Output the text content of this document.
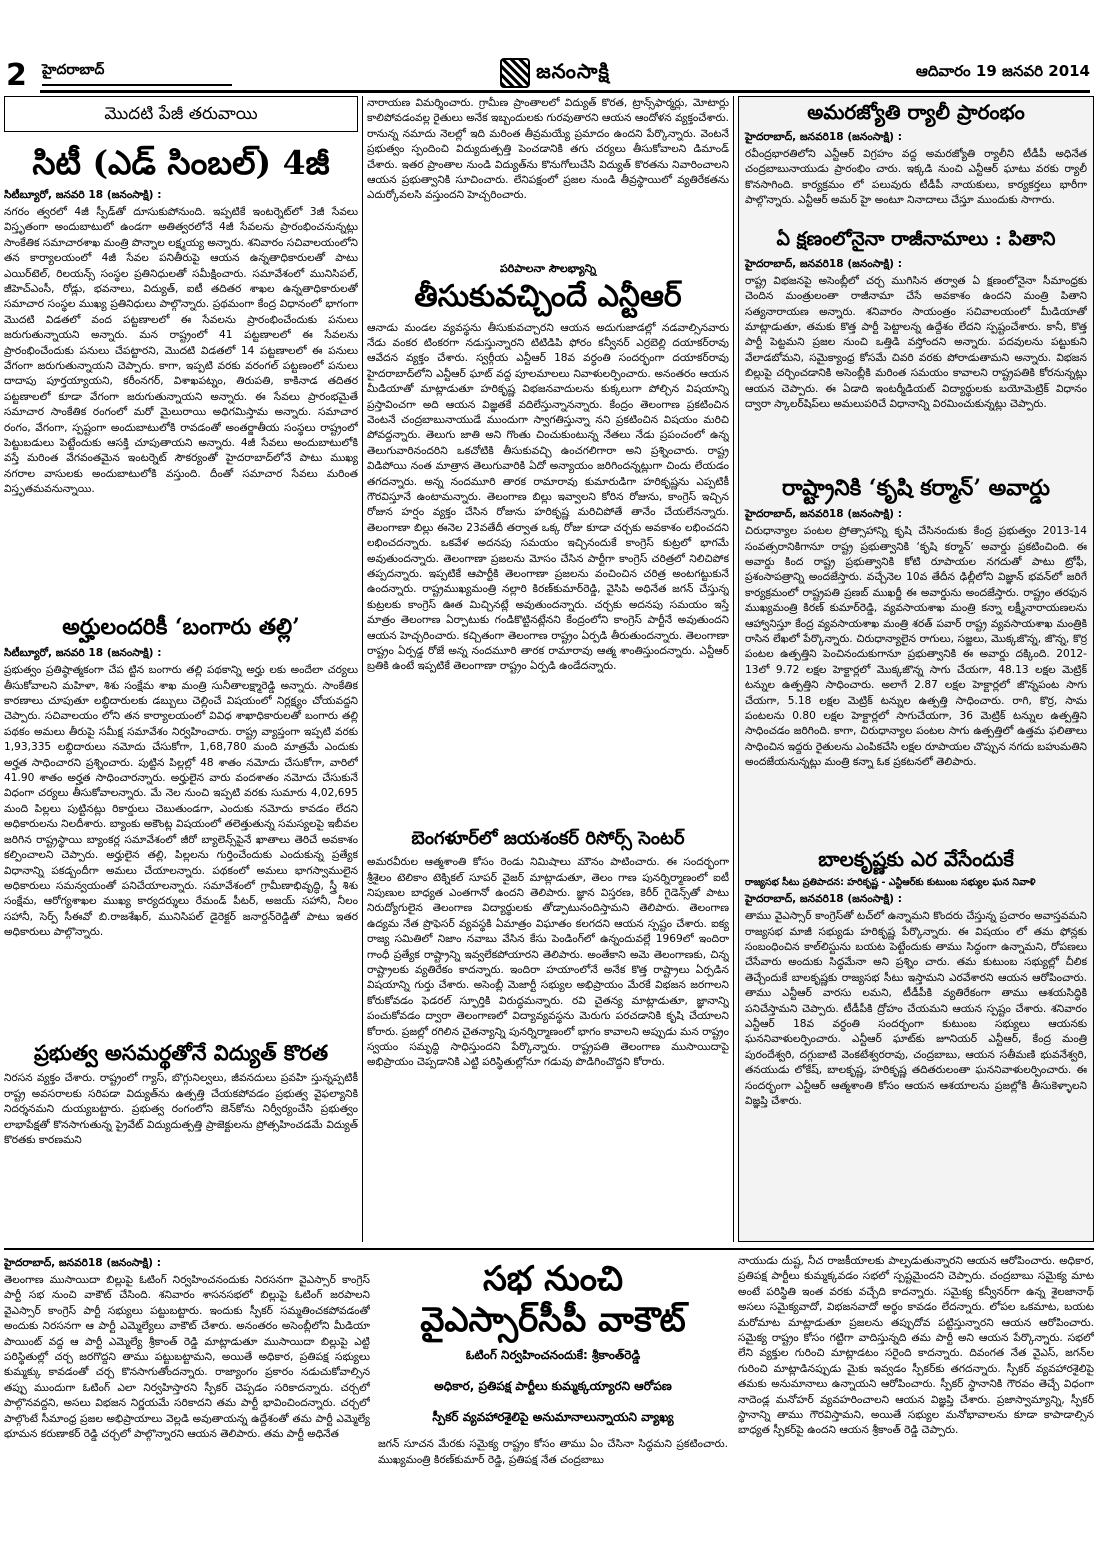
2	హైదరాబాద్	జనంసాక్షి	ఆదివారం 19 జనవరి 2014
మొదటి పేజీ తరువాయి
సిటీ (ఎడ్ సింబల్) 4జీ
సిటీబ్యూరో, జనవరి 18 (జనంసాక్షి) :

నగరం త్వరలో 4జీ స్పీడ్‌తో దూసుకుపోనుంది. ఇప్పటికే ఇంటర్నెట్‌లో 3జీ సేవలు విస్తృతంగా అందుబాటులో ఉండగా అతిత్వరలోనే 4జీ సేవలను ప్రారంభించనున్నట్లు సాంకేతిక సమాచారశాఖ మంత్రి పొన్నాల లక్ష్మయ్య అన్నారు. శనివారం సచివాలయంలోని తన కార్యాలయంలో 4జీ సేవల పనితీరుపై ఆయన ఉన్నతాధికారులతో పాటు ఎయిర్‌టెల్, రిలయన్స్ సంస్థల ప్రతినిధులతో సమీక్షించారు. సమావేశంలో మునిసిపల్, జీహెచ్‌ఎంసీ, రోడ్లు, భవనాలు, విద్యుత్, ఐటీ తదితర శాఖల ఉన్నతాధికారులతో సమాచార సంస్థల ముఖ్య ప్రతినిధులు పాల్గొన్నారు. ప్రథమంగా కేంద్ర విధానంలో భాగంగా మొదటి విడతలో వంద పట్టణాలలో ఈ సేవలను ప్రారంభించేందుకు పనులు జరుగుతున్నాయని అన్నారు. మన రాష్ట్రంలో 41 పట్టణాలలో ఈ సేవలను ప్రారంభించేందుకు పనులు చేపట్టారని, మొదటి విడతలో 14 పట్టణాలలో ఈ పనులు వేగంగా జరుగుతున్నాయని చెప్పారు. కాగా, ఇప్పటి వరకు వరంగల్ పట్టణంలో పనులు దాదాపు పూర్తయ్యాయని, కరీంనగర్, విశాఖపట్నం, తిరుపతి, కాకినాడ తదితర పట్టణాలలో కూడా వేగంగా జరుగుతున్నాయని అన్నారు. ఈ సేవలు ప్రారంభమైతే సమాచార సాంకేతిక రంగంలో మరో మైలురాయి అధిగమిస్తామ అన్నారు. సమాచార రంగం, వేగంగా, స్పష్టంగా అందుబాటులోకి రావడంతో అంతర్జాతీయ సంస్థలు రాష్ట్రంలో పెట్టుబడులు పెట్టేందుకు ఆసక్తి చూపుతాయని అన్నారు. 4జీ సేవలు అందుబాటులోకి వస్తే మరింత వేగవంతమైన ఇంటర్నెట్ సౌకర్యంతో హైదరాబాద్‌లోనే పాటు ముఖ్య నగరాల వాసులకు అందుబాటులోకి వస్తుంది. దీంతో సమాచార సేవలు మరింత విస్తృతమవనున్నాయి.

అర్హులందరికీ ‘బంగారు తల్లి’
సిటీబ్యూరో, జనవరి 18 (జనంసాక్షి) :

ప్రభుత్వం ప్రతిష్ఠాత్మకంగా చేప ట్టిన బంగారు తల్లి పథకాన్ని అర్హు లకు అందేలా చర్యలు తీసుకోవాలని మహిళా, శిశు సంక్షేమ శాఖ మంత్రి సునీతాలక్ష్మారెడ్డి అన్నారు. సాంకేతిక కారణాలు చూపుతూ లబ్ధిదారులకు డబ్బులు చెల్లించే విషయంలో నిర్లక్ష్యం చోయవద్దని చెప్పారు. సచివాలయం లోని తన కార్యాలయంలో వివిధ శాఖాధికారులతో బంగారు తల్లి పథకం అమలు తీరుపై సమీక్ష సమావేశం నిర్వహించారు. రాష్ట్ర వ్యాప్తంగా ఇప్పటి వరకు 1,93,335 లబ్ధిదారులు నమోదు చేసుకోగా, 1,68,780 మంది మాత్రమే ఎందుకు అర్హత సాధించారని ప్రశ్నించారు. పుట్టిన పిల్లల్లో 48 శాతం నమోదు చేసుకోగా, వారిలో 41.90 శాతం అర్హత సాధించారన్నారు. అర్హులైన వారు వందశాతం నమోదు చేసుకునే విధంగా చర్యలు తీసుకోవాలన్నారు. మే నెల నుంచి ఇప్పటి వరకు సుమారు 4,02,695 మంది పిల్లలు పుట్టినట్లు రికార్డులు చెబుతుండగా, ఎందుకు నమోదు కావడం లేదని అధికారులను నిలదీశారు. బ్యాంకు అకౌంట్ల విషయంలో తలెత్తుతున్న సమస్యలపై ఇబీవల జరిగిన రాష్ట్రస్థాయి బ్యాంకర్ల సమావేశంలో జీరో బ్యాలెన్స్‌పైనే ఖాతాలు తెరిచే అవకాశం కల్పించాలని చెప్పారు. అర్హులైన తల్లి, పిల్లలను గుర్తించేందుకు ఎందుకున్న ప్రత్యేక విధానాన్ని పకడ్బందీగా అమలు చేయాలన్నారు. పథకంలో అమలు భాగస్వాములైన అధికారులు సమన్వయంతో పనిచేయాలన్నారు. సమావేశంలో గ్రామీణాభివృద్ధి, స్త్రీ శిశు సంక్షేమ, ఆరోగ్యశాఖల ముఖ్య కార్యదర్శులు రేమండ్ పీటర్, అజయ్ సహానీ, నీలం సహానీ, సెర్ప్ సీఈవో బి.రాజశేఖర్, మునిసిపల్ డైరెక్టర్ జనార్దన్‌రెడ్డితో పాటు ఇతర అధికారులు పాల్గొన్నారు.

ప్రభుత్వ అసమర్థతోనే విద్యుత్ కొరత

నిరసన వ్యక్తం చేశారు. రాష్ట్రంలో గ్యాస్, బొగ్గునిల్వలు, జీవనదులు ప్రవహి స్తున్నప్పటికీ రాష్ట్ర అవసరాలకు సరిపడా విద్యుత్‌ను ఉత్పత్తి చేయకపోవడం ప్రభుత్వ వైఫల్యానికి నిదర్శనమని దుయ్యబట్టారు. ప్రభుత్వ రంగంలోని జెన్‌కోను నిర్వీర్యంచేసి ప్రభుత్వం లాభాపేక్షతో కొనసాగుతున్న ప్రైవేట్ విద్యుదుత్పత్తి ప్రాజెక్టులను ప్రోత్సహించడమే విద్యుత్ కొరతకు కారణమని

నారాయణ విమర్శించారు. గ్రామీణ ప్రాంతాలలో విద్యుత్ కొరత, ట్రాన్స్‌ఫార్మర్లు, మోటార్లు కాలిపోవడంవల్ల రైతులు అనేక ఇబ్బందులకు గురవుతారని ఆయన ఆందోళన వ్యక్తంచేశారు. రానున్న నమాదు నెలల్లో ఇది మరింత తీవ్రమయ్యే ప్రమాదం ఉందని పేర్కొన్నారు. వెంటనే ప్రభుత్వం స్పందించి విద్యుదుత్పత్తి పెంచడానికి తగు చర్యలు తీసుకోవాలని డిమాండ్ చేశారు. ఇతర ప్రాంతాల నుండి విద్యుత్‌ను కొనుగోలుచేసి విద్యుత్ కొరతను నివారించాలని ఆయన ప్రభుత్వానికి సూచించారు. లేనిపక్షంలో ప్రజల నుండి తీవ్రస్థాయిలో వ్యతిరేకతను ఎదుర్కోవలసి వస్తుందని హెచ్చరించారు.

పరిపాలనా సౌలభ్యాన్ని
తీసుకువచ్చిందే ఎన్టీఆర్

ఆనాడు మండల వ్యవస్థను తీసుకువచ్చారని ఆయన అదుగుజాడల్లో నడవాల్సినవారు నేడు వంకర టింకరగా నడుస్తున్నారని టిటిడిపి ఫోరం కన్వీనర్ ఎర్రబెల్లి దయాకర్‌రావు ఆవేదన వ్యక్తం చేశారు. స్వర్గీయ ఎన్టీఆర్ 18వ వర్ధంతి సందర్భంగా దయాకర్‌రావు హైదరాబాద్‌లోని ఎన్టీఆర్ ఘాట్ వద్ద పూలమాలలు నివాళులర్పించారు. అనంతరం ఆయన మీడియాతో మాట్లాడుతూ హరికృష్ణ విభజనవాదులను కుక్కలుగా పోల్చిన విషయాన్ని ప్రస్తావించగా అది ఆయన విజ్ఞతకే వదిలేస్తున్నానన్నారు. కేంద్రం తెలంగాణ ప్రకటించిన వెంటనే చంద్రబాబునాయుడే ముందుగా స్వాగతిస్తున్నా నని ప్రకటించిన విషయం మరిచి పోవద్దన్నారు. తెలుగు జాతి అని గొంతు చించుకుంటున్న నేతలు నేడు ప్రపంచంలో ఉన్న తెలుగువారినందరిని ఒకచోటికి తీసుకువచ్చి ఉంచగలిగారా అని ప్రశ్నించారు. రాష్ట్ర విడిపోయి నంత మాత్రాన తెలుగువారికి ఏదో అన్యాయం జరిగిందన్నట్లుగా చిందు లేయడం తగదన్నారు. అన్న నందమూరి తారక రామారావు కుమారుడిగా హరికృష్ణను ఎప్పటికీ గౌరవిస్తూనే ఉంటామన్నారు. తెలంగాణ బిల్లు ఇవ్వాలని కోరిన రోజును, కాంగ్రెస్ ఇచ్చిన రోజున హర్షం వ్యక్తం చేసిన రోజును హరికృష్ణ మరిచిపోతే తానేం చేయలేనన్నారు. తెలంగాణా బిల్లు ఈనెల 23వతేదీ తర్వాత ఒక్క రోజు కూడా చర్చకు అవకాశం లభించదని లభించదన్నారు. ఒకవేళ అదనపు సమయం ఇచ్చినందుకే కాంగ్రెస్ కుట్రలో భాగమే అవుతుందన్నారు. తెలంగాణా ప్రజలను మోసం చేసిన పార్టీగా కాంగ్రెస్ చరిత్రలో నిలిచిపోక తప్పదన్నారు. ఇప్పటికే ఆపార్టీకి తెలంగాణా ప్రజలను వంచించిన చరిత్ర అంటగట్టుకునే ఉందన్నారు. రాష్ట్రముఖ్యమంత్రి నల్లారి కిరణ్‌కుమార్‌రెడ్డి, వైసిపి అధినేత జగన్ చేస్తున్న కుట్రలకు కాంగ్రెస్ ఊత మిచ్చినట్లే అవుతుందన్నారు. చర్చకు అదనపు సమయం ఇస్తే మాత్రం తెలంగాణ ఏర్పాటుకు గండికొట్టినట్లేనని కేంద్రంలోని కాంగ్రెస్ పార్టీనే అవుతుందని ఆయన హెచ్చరించారు. కచ్చితంగా తెలంగాణ రాష్ట్రం ఏర్పడి తీరుతుందన్నారు. తెలంగాణా రాష్ట్రం ఏర్పడ్డ రోజే అన్న నందమూరి తారక రామారావు ఆత్మ శాంతిస్తుందన్నారు. ఎన్టీఆర్ బ్రతికి ఉంటే ఇప్పటికే తెలంగాణా రాష్ట్రం ఏర్పడి ఉండేదన్నారు.

బెంగళూర్‌లో జయశంకర్ రిసోర్స్ సెంటర్

అమరవీరుల ఆత్మశాంతి కోసం రెండు నిమిషాలు మౌనం పాటించారు. ఈ సందర్భంగా శ్రీశైలం టెలికాం టెక్నికల్ సూపర్ వైజర్ మాట్లాడుతూ, తెలం గాణ పునర్నిర్మాణంలో ఐటీ నిపుణుల బాధ్యత ఎంతగానో ఉందని తెలిపారు. జ్ఞాన విస్తరణ, కెరీర్ గైడెన్స్‌తో పాటు నిరుద్యోగులైన తెలంగాణ విద్యార్థులకు తోడ్పాటునందిస్తామని తెలిపారు. తెలంగాణ ఉద్యమ నేత ప్రొఫెసర్ వ్యవస్థకి ఏమాత్రం విఘాతం కలగదని ఆయన స్పష్టం చేశారు. ఐక్య రాజ్య సమితిలో నిజాం నవాబు వేసిన కేసు పెండింగ్‌లో ఉన్నందువల్లే 1969లో ఇందిరా గాంధీ ప్రత్యేక రాష్ట్రాన్ని ఇవ్వలేకపోయారని తెలిపారు. అంతేకాని అమె తెలంగాణకు, చిన్న రాష్ట్రాలకు వ్యతిరేకం కాదన్నారు. ఇందిరా హయాంలోనే అనేక కొత్త రాష్ట్రాలు ఏర్పడిన విషయాన్ని గుర్తు చేశారు. అసెంబ్లీ మెజార్టీ సభ్యుల అభిప్రాయం మేరకే విభజన జరగాలని కోరుకోవడం ఫెడరల్ స్ఫూర్తికి విరుద్ధమన్నారు. రవి చైతన్య మాట్లాడుతూ, జ్ఞానాన్ని పంచుకోవడం ద్వారా తెలంగాణలో విద్యావ్యవస్థను మెరుగు పరచడానికి కృషి చేయాలని కోరారు. ప్రజల్లో రగిలిన చైతన్యాన్ని పునర్నిర్మాణంలో భాగం కావాలని అప్పుడు మన రాష్ట్రం స్వయం సమృద్ధి సాధిస్తుందని పేర్కొన్నారు. రాష్ట్రపతి తెలంగాణ ముసాయిదాపై అభిప్రాయం చెప్పడానికి ఎట్టి పరిస్థితుల్లోనూ గడువు పొడిగించొద్దని కోరారు.

అమరజ్యోతి ర్యాలీ ప్రారంభం
హైదరాబాద్, జనవరి18 (జనంసాక్షి) :

రవీంద్రభారతిలోని ఎన్టీఆర్ విగ్రహం వద్ద అమరజ్యోతి ర్యాలీని టీడీపీ అధినేత చంద్రబాబునాయుడు ప్రారంభిం చారు. ఇక్కడి నుంచి ఎన్టీఆర్ ఘాటు వరకు ర్యాలీ కొనసాగింది. కార్యక్రమం లో పలువురు టీడీపీ నాయకులు, కార్యకర్తలు భారీగా పాల్గొన్నారు. ఎన్టీఆర్ అమర్ హై అంటూ నినాదాలు చేస్తూ ముందుకు సాగారు.

ఏ క్షణంలోనైనా రాజీనామాలు : పితాని
హైదరాబాద్, జనవరి18 (జనంసాక్షి) :

రాష్ట్ర విభజనపై అసెంబ్లీలో చర్చ ముగిసిన తర్వాత ఏ క్షణంలోనైనా సీమాంధ్రకు చెందిన మంత్రులంతా రాజీనామా చేసే అవకాశం ఉందని మంత్రి పితాని సత్యనారాయణ అన్నారు. శనివారం సాయంత్రం సచివాలయంలో మీడియాతో మాట్లాడుతూ, తమకు కొత్త పార్టీ పెట్టాలన్న ఉద్దేశం లేదని స్పష్టంచేశారు. కానీ, కొత్త పార్టీ పెట్టమని ప్రజల నుంచి ఒత్తిడి వస్తోందని అన్నారు. పదవులను పట్టుకుని వేలాడబోమని, సమైక్యాంధ్ర కోసమే చివరి వరకు పోరాడుతామని అన్నారు. విభజన బిల్లుపై చర్చించడానికి అసెంబ్లీకి మరింత సమయం కావాలని రాష్ట్రపతికి కోరనున్నట్లు ఆయన చెప్పారు. ఈ ఏడాది ఇంటర్మీడియట్ విద్యార్థులకు బయోమెట్రిక్ విధానం ద్వారా స్కాలర్‌షిప్‌లు అమలుపరిచే విధానాన్ని విరమించుకున్నట్లు చెప్పారు.

రాష్ట్రానికి ‘కృషి కర్మాన్’ అవార్డు
హైదరాబాద్, జనవరి18 (జనంసాక్షి) :

చిరుధాన్యాల పంటల ప్రోత్సాహాన్ని కృషి చేసినందుకు కేంద్ర ప్రభుత్వం 2013-14 సంవత్సరానికిగానూ రాష్ట్ర ప్రభుత్వానికి ‘కృషి కర్మాన్’ అవార్డు ప్రకటించింది. ఈ అవార్డు కింద రాష్ట్ర ప్రభుత్వానికి కోటి రూపాయల నగదుతో పాటు ట్రోఫీ, ప్రశంసాపత్రాన్ని అందజేస్తారు. వచ్చేనెల 10వ తేదీన ఢిల్లీలోని విజ్ఞాన్ భవన్‌లో జరిగే కార్యక్రమంలో రాష్ట్రపతి ప్రణబ్ ముఖర్జీ ఈ అవార్డును అందజేస్తారు. రాష్ట్రం తరఫున ముఖ్యమంత్రి కిరణ్ కుమార్‌రెడ్డి, వ్యవసాయశాఖ మంత్రి కన్నా లక్ష్మీనారాయణలను ఆహ్వానిస్తూ కేంద్ర వ్యవసాయశాఖ మంత్రి శరత్ పవార్ రాష్ట్ర వ్యవసాయశాఖ మంత్రికి రాసిన లేఖలో పేర్కొన్నారు. చిరుధాన్యాలైన రాగులు, సజ్జలు, మొక్కజొన్న, జొన్న, కొర్ర పంటల ఉత్పత్తిని పెంచినందుకుగానూ ప్రభుత్వానికి ఈ అవార్డు దక్కింది. 2012-13లో 9.72 లక్షల హెక్టార్లలో మొక్కజొన్న సాగు చేయగా, 48.13 లక్షల మెట్రిక్ టన్నుల ఉత్పత్తిని సాధించారు. అలాగే 2.87 లక్షల హెక్టార్లలో జొన్నపంట సాగు చేయగా, 5.18 లక్షల మెట్రిక్ టన్నుల ఉత్పత్తి సాధించారు. రాగి, కొర్ర, సామ పంటలను 0.80 లక్షల హెక్టార్లలో సాగుచేయగా, 36 మెట్రిక్ టన్నుల ఉత్పత్తిని సాధించడం జరిగింది. కాగా, చిరుధాన్యాల పంటల సాగు ఉత్పత్తిలో ఉత్తమ ఫలితాలు సాధించిన ఇద్దరు రైతులను ఎంపికచేసి లక్షల రూపాయల చొప్పున నగదు బహుమతిని అందజేయనున్నట్లు మంత్రి కన్నా ఓక ప్రకటనలో తెలిపారు.

బాలకృష్ణకు ఎర వేసేందుకే
రాజ్యసభ సీటు ప్రతిపాదన: హరికృష్ణ - ఎన్టీఆర్‌కు కుటుంబ సభ్యుల ఘన నివాళి
హైదరాబాద్, జనవరి18 (జనంసాక్షి) :

తాము వైఎస్సార్ కాంగ్రెస్‌తో టచ్‌లో ఉన్నామని కొందరు చేస్తున్న ప్రచారం అవాస్తవమని రాజ్యసభ మాజీ సభ్యుడు హరికృష్ణ పేర్కొన్నారు. ఈ విషయం లో తమ ఫోన్లకు సంబంధించిన కాల్‌లిస్టును బయట పెట్టేందుకు తాము సిద్ధంగా ఉన్నామని, రోపణలు చేసేవారు అందుకు సిద్ధమేనా అని ప్రశ్నిం చారు. తమ కుటుంబ సభ్యుల్లో చీలిక తెచ్చేందుకే బాలకృష్ణకు రాజ్యసభ సీటు ఇస్తామని ఎరవేశారని ఆయన ఆరోపించారు. తాము ఎన్టీఆర్ వారసు లమని, టీడీపీకి వ్యతిరేకంగా తాము ఆశయసిద్ధికి పనిచేస్తామని చెప్పారు. టీడీపీకి ద్రోహం చేయమని ఆయన స్పష్టం చేశారు. శనివారం ఎన్టీఆర్ 18వ వర్ధంతి సందర్భంగా కుటుంబ సభ్యులు ఆయనకు ఘననివాళులర్పించారు. ఎన్టీఆర్ ఘాట్‌కు జూనియర్ ఎన్టీఆర్, కేంద్ర మంత్రి పురందేశ్వరి, దగ్గుబాటి వెంకటేశ్వరరావు, చంద్రబాబు, ఆయన సతీమణి భువనేశ్వరి, తనయుడు లోకేష్, బాలకృష్ణ, హరికృష్ణ తదితరులంతా ఘననివాళులర్పించారు. ఈ సందర్భంగా ఎన్టీఆర్ ఆత్మశాంతి కోసం ఆయన ఆశయాలను ప్రజల్లోకి తీసుకెళ్ళాలని విజ్ఞప్తి చేశారు.

హైదరాబాద్, జనవరి18 (జనంసాక్షి) :

తెలంగాణ ముసాయిదా బిల్లుపై ఓటింగ్ నిర్వహించనందుకు నిరసనగా వైఎస్సార్ కాంగ్రెస్ పార్టీ సభ నుంచి వాకౌట్ చేసింది. శనివారం శాసనసభలో బిల్లుపై ఓటింగ్ జరపాలని వైఎస్సార్ కాంగ్రెస్ పార్టీ సభ్యులు పట్టుబట్టారు. ఇందుకు స్పీకర్ సమ్మతించకపోవడంతో అందుకు నిరసనగా ఆ పార్టీ ఎమ్మెల్యేలు వాకౌట్ చేశారు. అనంతరం అసెంబ్లీలోని మీడియా పాయింట్ వద్ద ఆ పార్టీ ఎమ్మెల్యే శ్రీకాంత్ రెడ్డి మాట్లాడుతూ ముసాయిదా బిల్లుపై ఎట్టి పరిస్థితుల్లో చర్చ జరగొద్దని తాము పట్టుబట్టామని, అయితే అధికార, ప్రతిపక్ష సభ్యులు కుమ్మక్కు కావడంతో చర్చ కొనసాగుతోందన్నారు. రాజ్యాంగం ప్రకారం నడుచుకోవాల్సిన తప్పు ముందుగా ఓటింగ్ ఎలా నిర్వహిస్తారని స్పీకర్ చెప్పడం సరికాదన్నారు. చర్చలో పాల్గొనవద్దని, అసలు విభజన నిర్ణయమే సరికాదని తమ పార్టీ భావించిందన్నారు. చర్చలో పాల్గొంటే సీమాంధ్ర ప్రజల అభిప్రాయాలు వెల్లడి అవుతాయన్న ఉద్దేశంతో తమ పార్టీ ఎమ్మెల్యే భూమన కరుణాకర్ రెడ్డి చర్చలో పాల్గొన్నారని ఆయన తెలిపారు. తమ పార్టీ అధినేత

సభ నుంచి
వైఎస్సార్‌సీపీ వాకౌట్
ఓటింగ్ నిర్వహించనందుకే: శ్రీకాంత్‌రెడ్డి
అధికార, ప్రతిపక్ష పార్టీలు కుమ్మక్కయ్యారని ఆరోపణ
స్పీకర్ వ్యవహారశైలిపై అనుమానాలున్నాయని వ్యాఖ్య

జగన్ సూచన మేరకు సమైక్య రాష్ట్రం కోసం తాము ఏం చేసినా సిద్ధమని ప్రకటించారు. ముఖ్యమంత్రి కిరణ్‌కుమార్ రెడ్డి, ప్రతిపక్ష నేత చంద్రబాబు

నాయుడు దుష్ట, నీచ రాజకీయాలకు పాల్పడుతున్నారని ఆయన ఆరోపించారు. అధికార, ప్రతిపక్ష పార్టీలు కుమ్మక్కవడం సభలో స్పష్టమైందని చెప్పారు. చంద్రబాబు సమైక్య మాట అంటే పరిస్థితి ఇంత వరకు వచ్చేది కాదన్నారు. సమైక్య కన్వీనర్‌గా ఉన్న శైలజానాథ్ అసలు సమైక్యవాదో, విభజనవాదో అర్థం కావడం లేదన్నారు. లోపల ఒకమాట, బయట మరోమాట మాట్లాడుతూ ప్రజలను తప్పుదోవ పట్టిస్తున్నారని ఆయన ఆరోపించారు. సమైక్య రాష్ట్రం కోసం గట్టిగా వాదిస్తున్నది తమ పార్టీ అని ఆయన పేర్కొన్నారు. సభలో లేని వ్యక్తుల గురించి మాట్లాడటం సరైంది కాదన్నారు. దివంగత నేత వైఎస్, జగన్‌ల గురించి మాట్లాడినప్పుడు మైకు ఇవ్వడం స్పీకర్‌కు తగదన్నారు. స్పీకర్ వ్యవహారశైలిపై తమకు అనుమానాలు ఉన్నాయని ఆరోపించారు. స్పీకర్ స్థానానికి గౌరవం తెచ్చే విధంగా నాదెండ్ల మనోహర్ వ్యవహరించాలని ఆయన విజ్ఞప్తి చేశారు. ప్రజాస్వామ్యాన్ని, స్పీకర్ స్థానాన్ని తాము గౌరవిస్తామని, అయితే సభ్యుల మనోభావాలను కూడా కాపాడాల్సిన బాధ్యత స్పీకర్‌పై ఉందని ఆయన శ్రీకాంత్ రెడ్డి చెప్పారు.
